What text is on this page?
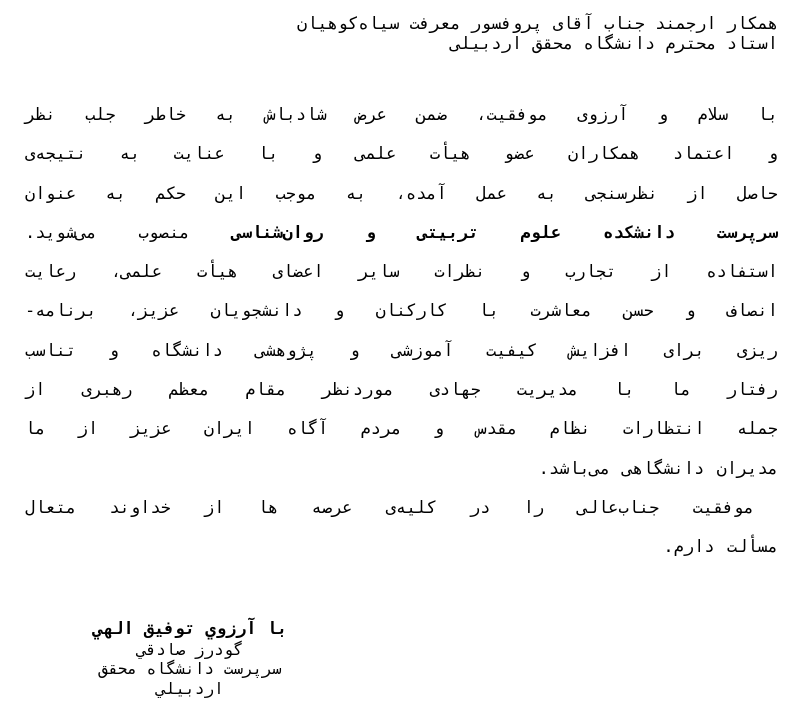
همکار ارجمند جناب آقای پروفسور معرفت سیاه‌کوهیان
استاد محترم دانشگاه محقق اردبیلی
با سلام و آرزوی موفقیت، ضمن عرض شادباش به خاطر جلب نظر
و اعتماد همکاران عضو هیأت علمی و با عنایت به نتیجه‌ی
حاصل از نظرسنجی به عمل آمده، به موجب این حکم به عنوان
سرپرست دانشکده علوم تربیتی و روان‌شناسی منصوب می‌شوید.
استفاده از تجارب و نظرات سایر اعضای هیأت علمی، رعایت
انصاف و حسن معاشرت با کارکنان و دانشجویان عزیز، برنامه-
ریزی برای افزایش کیفیت آموزشی و پژوهشی دانشگاه و تناسب
رفتار ما با مدیریت جهادی موردنظر مقام معظم رهبری از
جمله انتظارات نظام مقدس و مردم آگاه ایران عزیز از ما
مدیران دانشگاهی می‌باشد.
موفقیت جناب‌عالی را در کلیه‌ی عرصه ها از خداوند متعال
مسألت دارم.
با آرزوي توفيق الهي
گودرز صادقي
سرپرست دانشگاه محقق
اردبيلي
